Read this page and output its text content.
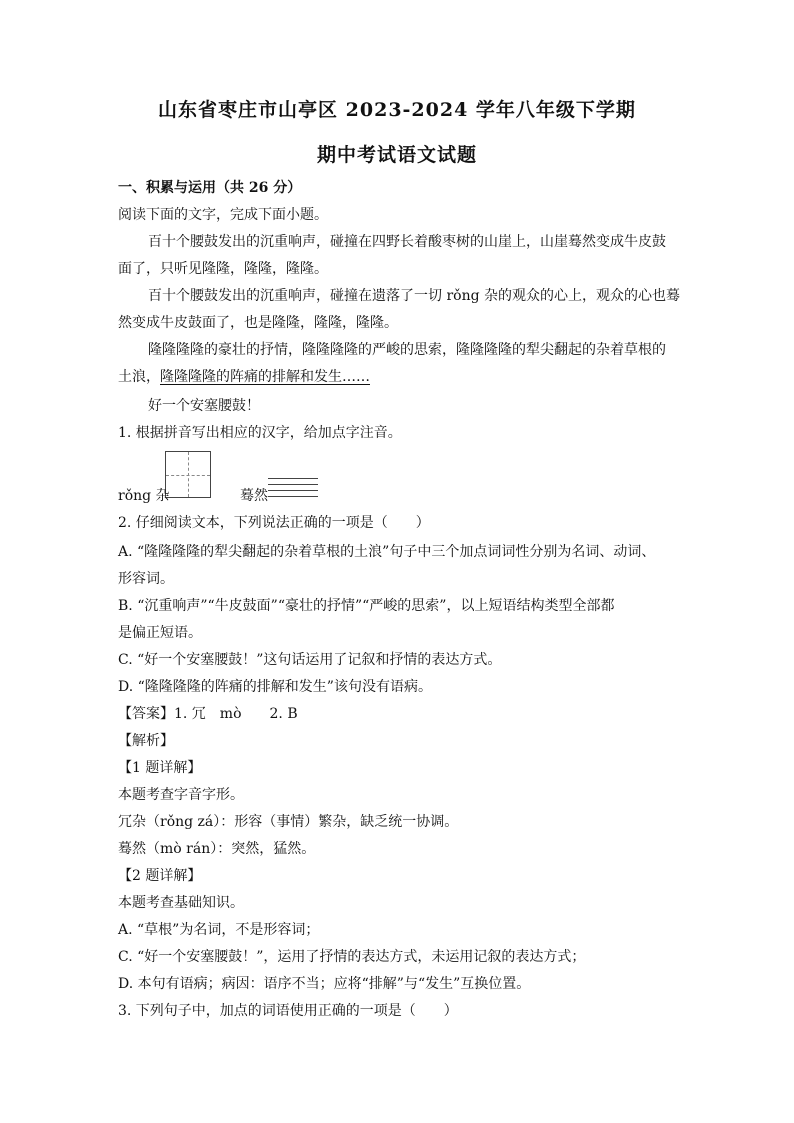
山东省枣庄市山亭区 2023-2024 学年八年级下学期
期中考试语文试题
一、积累与运用（共 26 分）
阅读下面的文字，完成下面小题。
百十个腰鼓发出的沉重响声，碰撞在四野长着酸枣树的山崖上，山崖蓦然变成牛皮鼓
面了，只听见隆隆，隆隆，隆隆。
百十个腰鼓发出的沉重响声，碰撞在遗落了一切 rǒng 杂的观众的心上，观众的心也蓦
然变成牛皮鼓面了，也是隆隆，隆隆，隆隆。
隆隆隆隆的豪壮的抒情，隆隆隆隆的严峻的思索，隆隆隆隆的犁尖翻起的杂着草根的
土浪，隆隆隆隆的阵痛的排解和发生……
好一个安塞腰鼓！
1. 根据拼音写出相应的汉字，给加点字注音。
rǒng 杂	蓦然
2. 仔细阅读文本，下列说法正确的一项是（　　）
A. “隆隆隆隆的犁尖翻起的杂着草根的土浪”句子中三个加点词词性分别为名词、动词、
形容词。
B. “沉重响声”“牛皮鼓面”“豪壮的抒情”“严峻的思索”，以上短语结构类型全部都
是偏正短语。
C. “好一个安塞腰鼓！”这句话运用了记叙和抒情的表达方式。
D. “隆隆隆隆的阵痛的排解和发生”该句没有语病。
【答案】1. 冗　mò　　2. B
【解析】
【1 题详解】
本题考查字音字形。
冗杂（rǒng zá）：形容（事情）繁杂，缺乏统一协调。
蓦然（mò rán）：突然，猛然。
【2 题详解】
本题考查基础知识。
A. “草根”为名词，不是形容词；
C. “好一个安塞腰鼓！”，运用了抒情的表达方式，未运用记叙的表达方式；
D. 本句有语病；病因：语序不当；应将“排解”与“发生”互换位置。
3. 下列句子中，加点的词语使用正确的一项是（　　）
